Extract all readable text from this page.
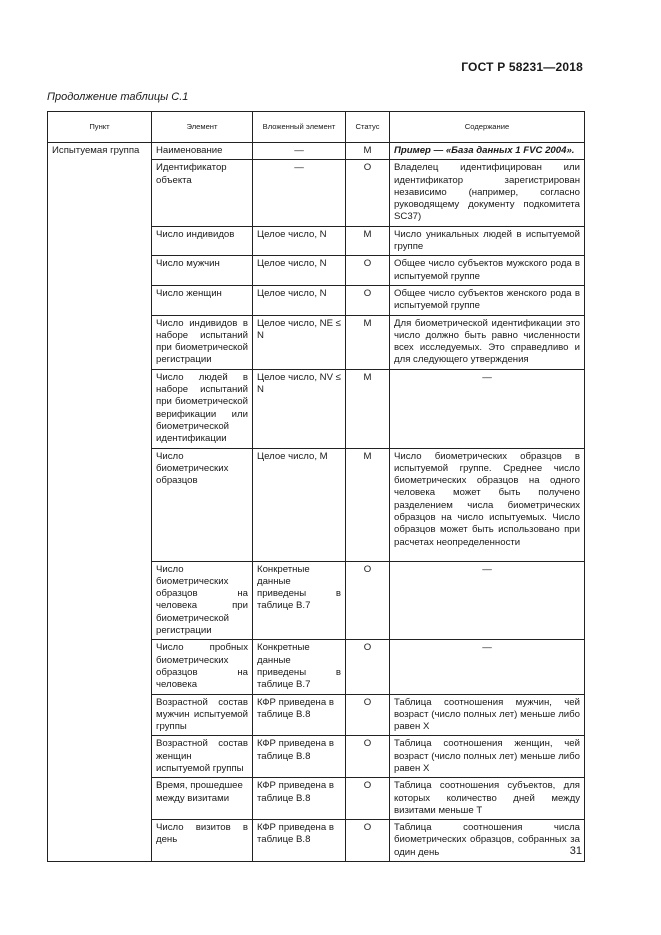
ГОСТ Р 58231—2018
Продолжение таблицы С.1
Пункт	Элемент	Вложенный элемент	Статус	Содержание
Испытуемая группа	Наименование	—	М	Пример — «База данных 1 FVC 2004».
	Идентификатор объекта	—	О	Владелец идентифицирован или идентификатор зарегистрирован независимо (например, согласно руководящему документу подкомитета SC37)
	Число индивидов	Целое число, N	М	Число уникальных людей в испытуемой группе
	Число мужчин	Целое число, N	О	Общее число субъектов мужского рода в испытуемой группе
	Число женщин	Целое число, N	О	Общее число субъектов женского рода в испытуемой группе
	Число индивидов в наборе испытаний при биометрической регистрации	Целое число, NE ≤ N	М	Для биометрической идентификации это число должно быть равно численности всех исследуемых. Это справедливо и для следующего утверждения
	Число людей в наборе испытаний при биометрической верификации или биометрической идентификации	Целое число, NV ≤ N	М	—

	Число биометрических образцов	Целое число, M	М	Число биометрических образцов в испытуемой группе. Среднее число биометрических образцов на одного человека может быть получено разделением числа биометрических образцов на число испытуемых. Число образцов может быть использовано при расчетах неопределенности
	Число биометрических образцов на человека при биометрической регистрации	Конкретные данные приведены в таблице В.7	О	—

	Число пробных биометрических образцов на человека	Конкретные данные приведены в таблице В.7	О	—

	Возрастной состав мужчин испытуемой группы	КФР приведена в таблице В.8	О	Таблица соотношения мужчин, чей возраст (число полных лет) меньше либо равен X
	Возрастной состав женщин испытуемой группы	КФР приведена в таблице В.8	О	Таблица соотношения женщин, чей возраст (число полных лет) меньше либо равен X
	Время, прошедшее между визитами	КФР приведена в таблице В.8	О	Таблица соотношения субъектов, для которых количество дней между визитами меньше T
	Число визитов в день	КФР приведена в таблице В.8	О	Таблица соотношения числа биометрических образцов, собранных за один день	31
